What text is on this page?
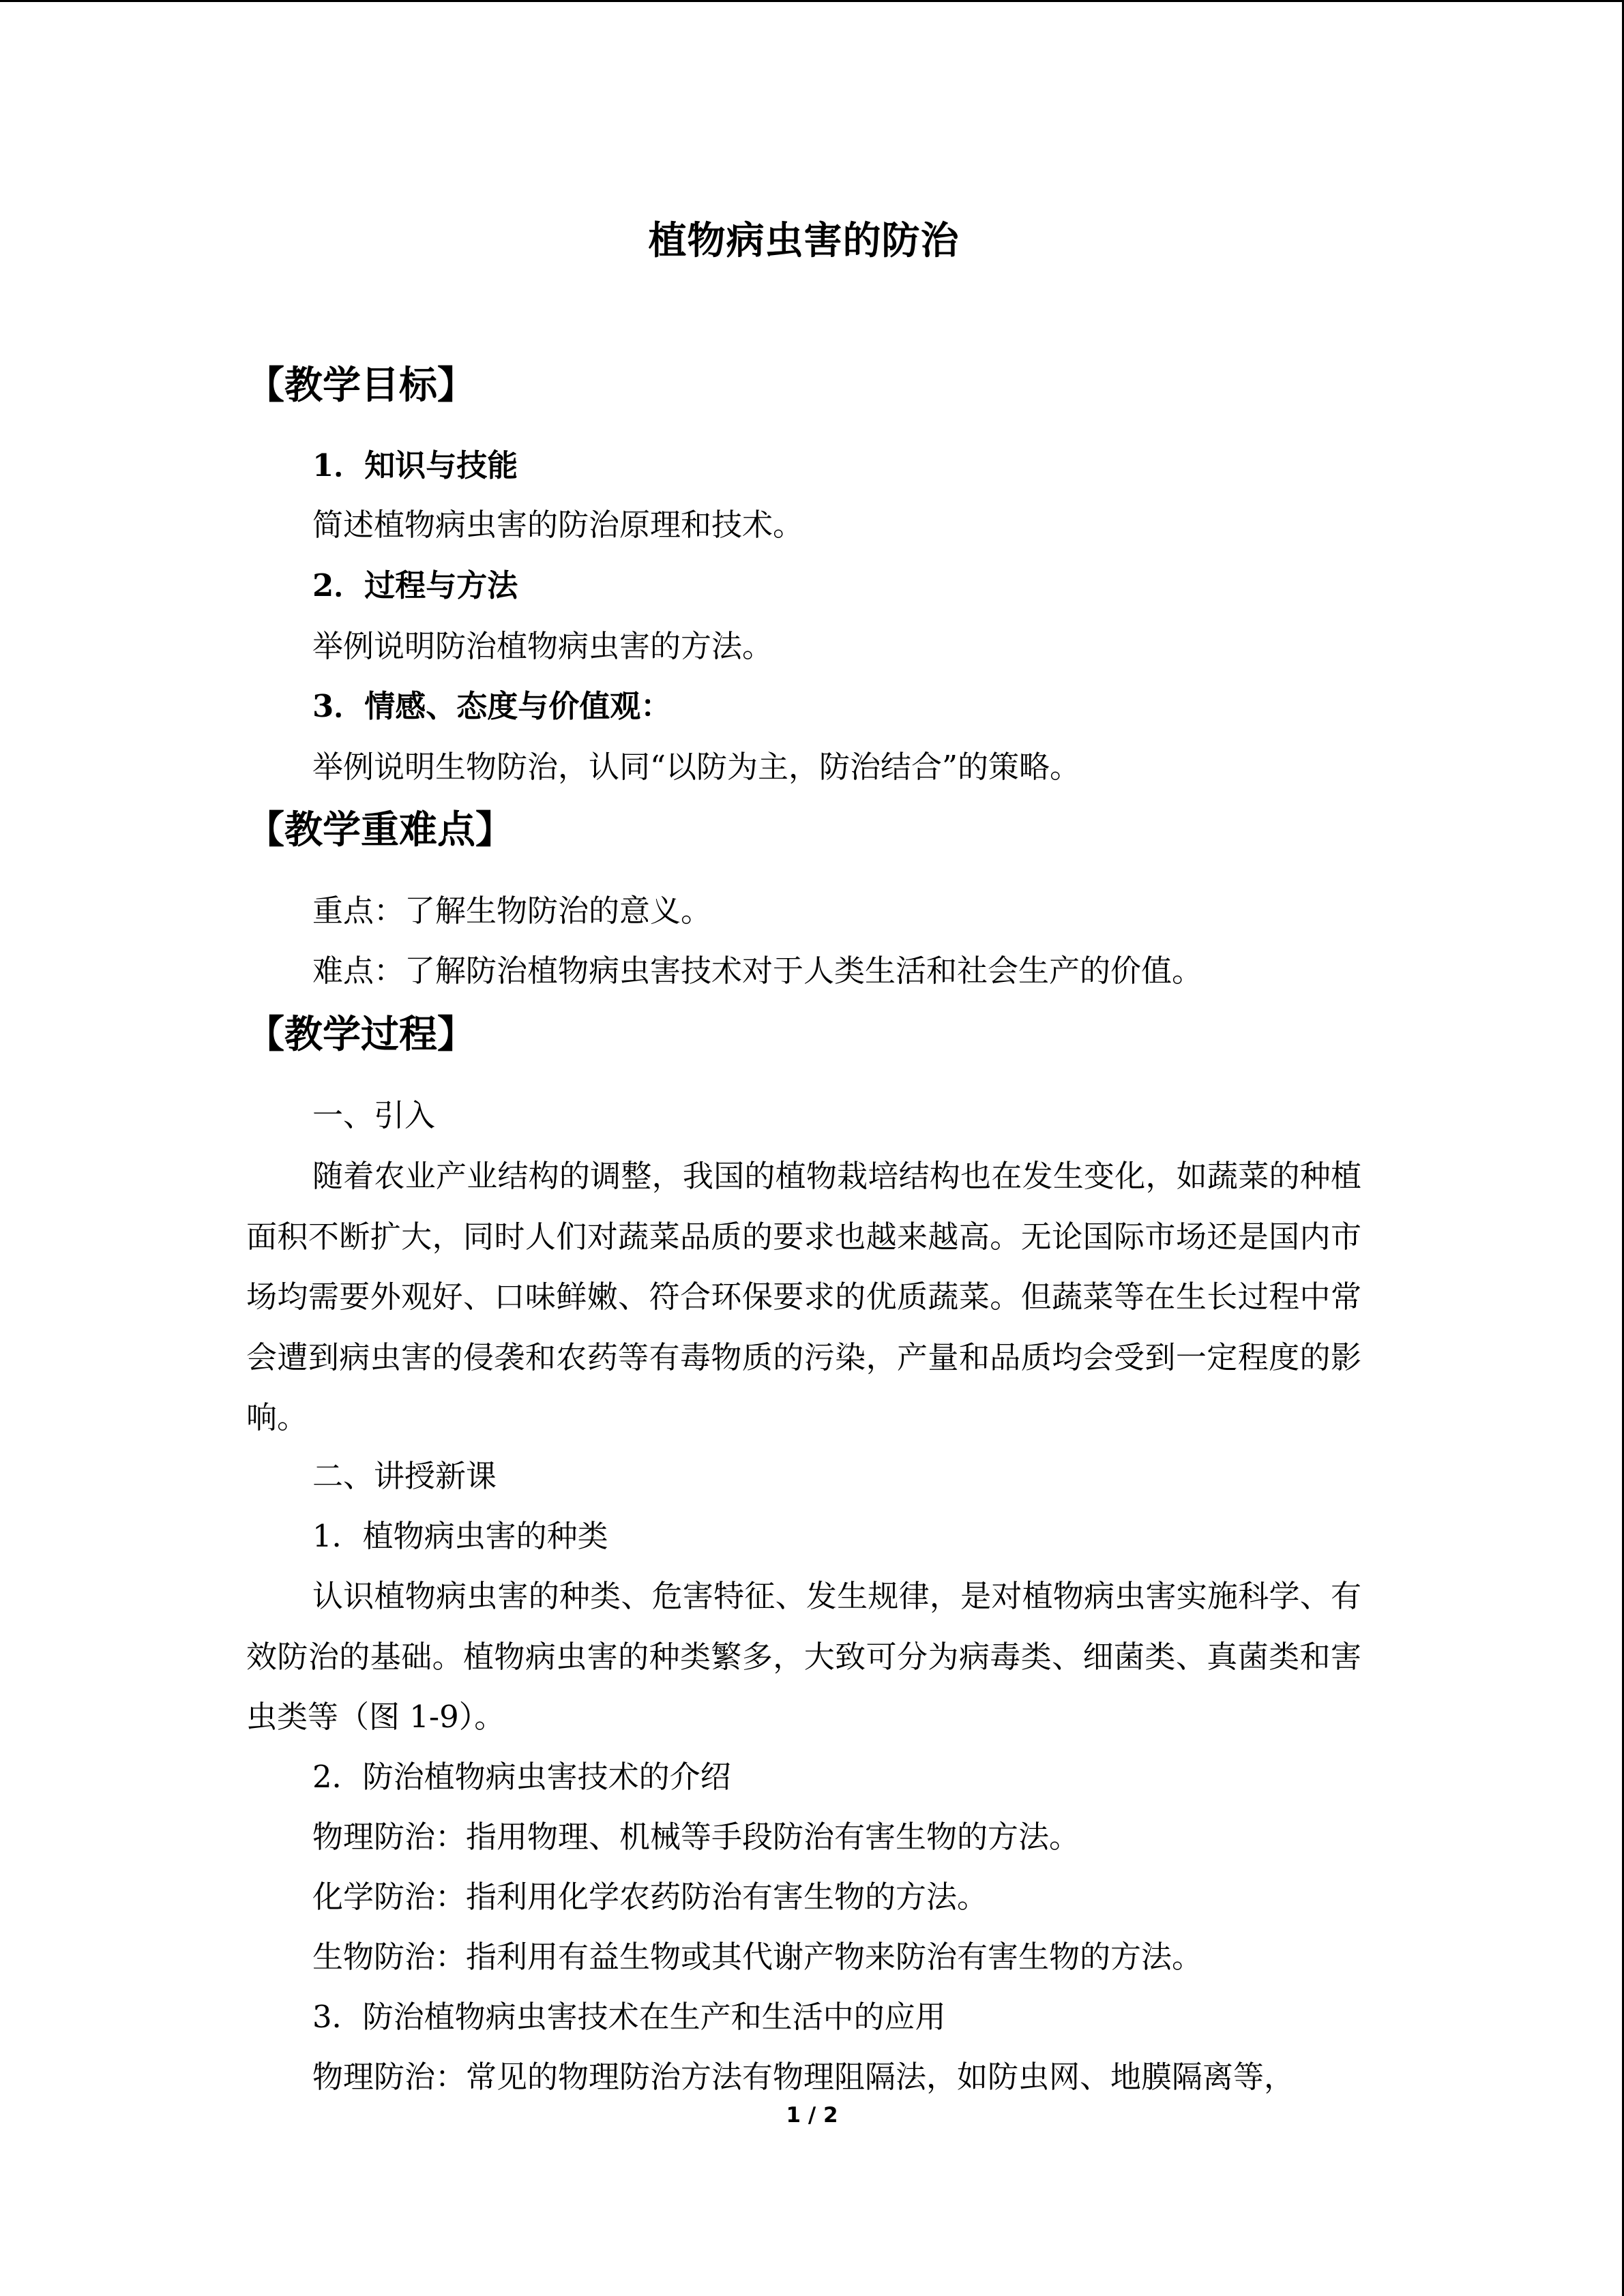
植物病虫害的防治
【教学目标】
1．知识与技能
简述植物病虫害的防治原理和技术。
2．过程与方法
举例说明防治植物病虫害的方法。
3．情感、态度与价值观：
举例说明生物防治，认同“以防为主，防治结合”的策略。
【教学重难点】
重点：了解生物防治的意义。
难点：了解防治植物病虫害技术对于人类生活和社会生产的价值。
【教学过程】
一、引入
随着农业产业结构的调整，我国的植物栽培结构也在发生变化，如蔬菜的种植面积不断扩大，同时人们对蔬菜品质的要求也越来越高。无论国际市场还是国内市场均需要外观好、口味鲜嫩、符合环保要求的优质蔬菜。但蔬菜等在生长过程中常会遭到病虫害的侵袭和农药等有毒物质的污染，产量和品质均会受到一定程度的影响。
二、讲授新课
1．植物病虫害的种类
认识植物病虫害的种类、危害特征、发生规律，是对植物病虫害实施科学、有效防治的基础。植物病虫害的种类繁多，大致可分为病毒类、细菌类、真菌类和害虫类等（图 1-9）。
2．防治植物病虫害技术的介绍
物理防治：指用物理、机械等手段防治有害生物的方法。
化学防治：指利用化学农药防治有害生物的方法。
生物防治：指利用有益生物或其代谢产物来防治有害生物的方法。
3．防治植物病虫害技术在生产和生活中的应用
物理防治：常见的物理防治方法有物理阻隔法，如防虫网、地膜隔离等，
1 / 2
